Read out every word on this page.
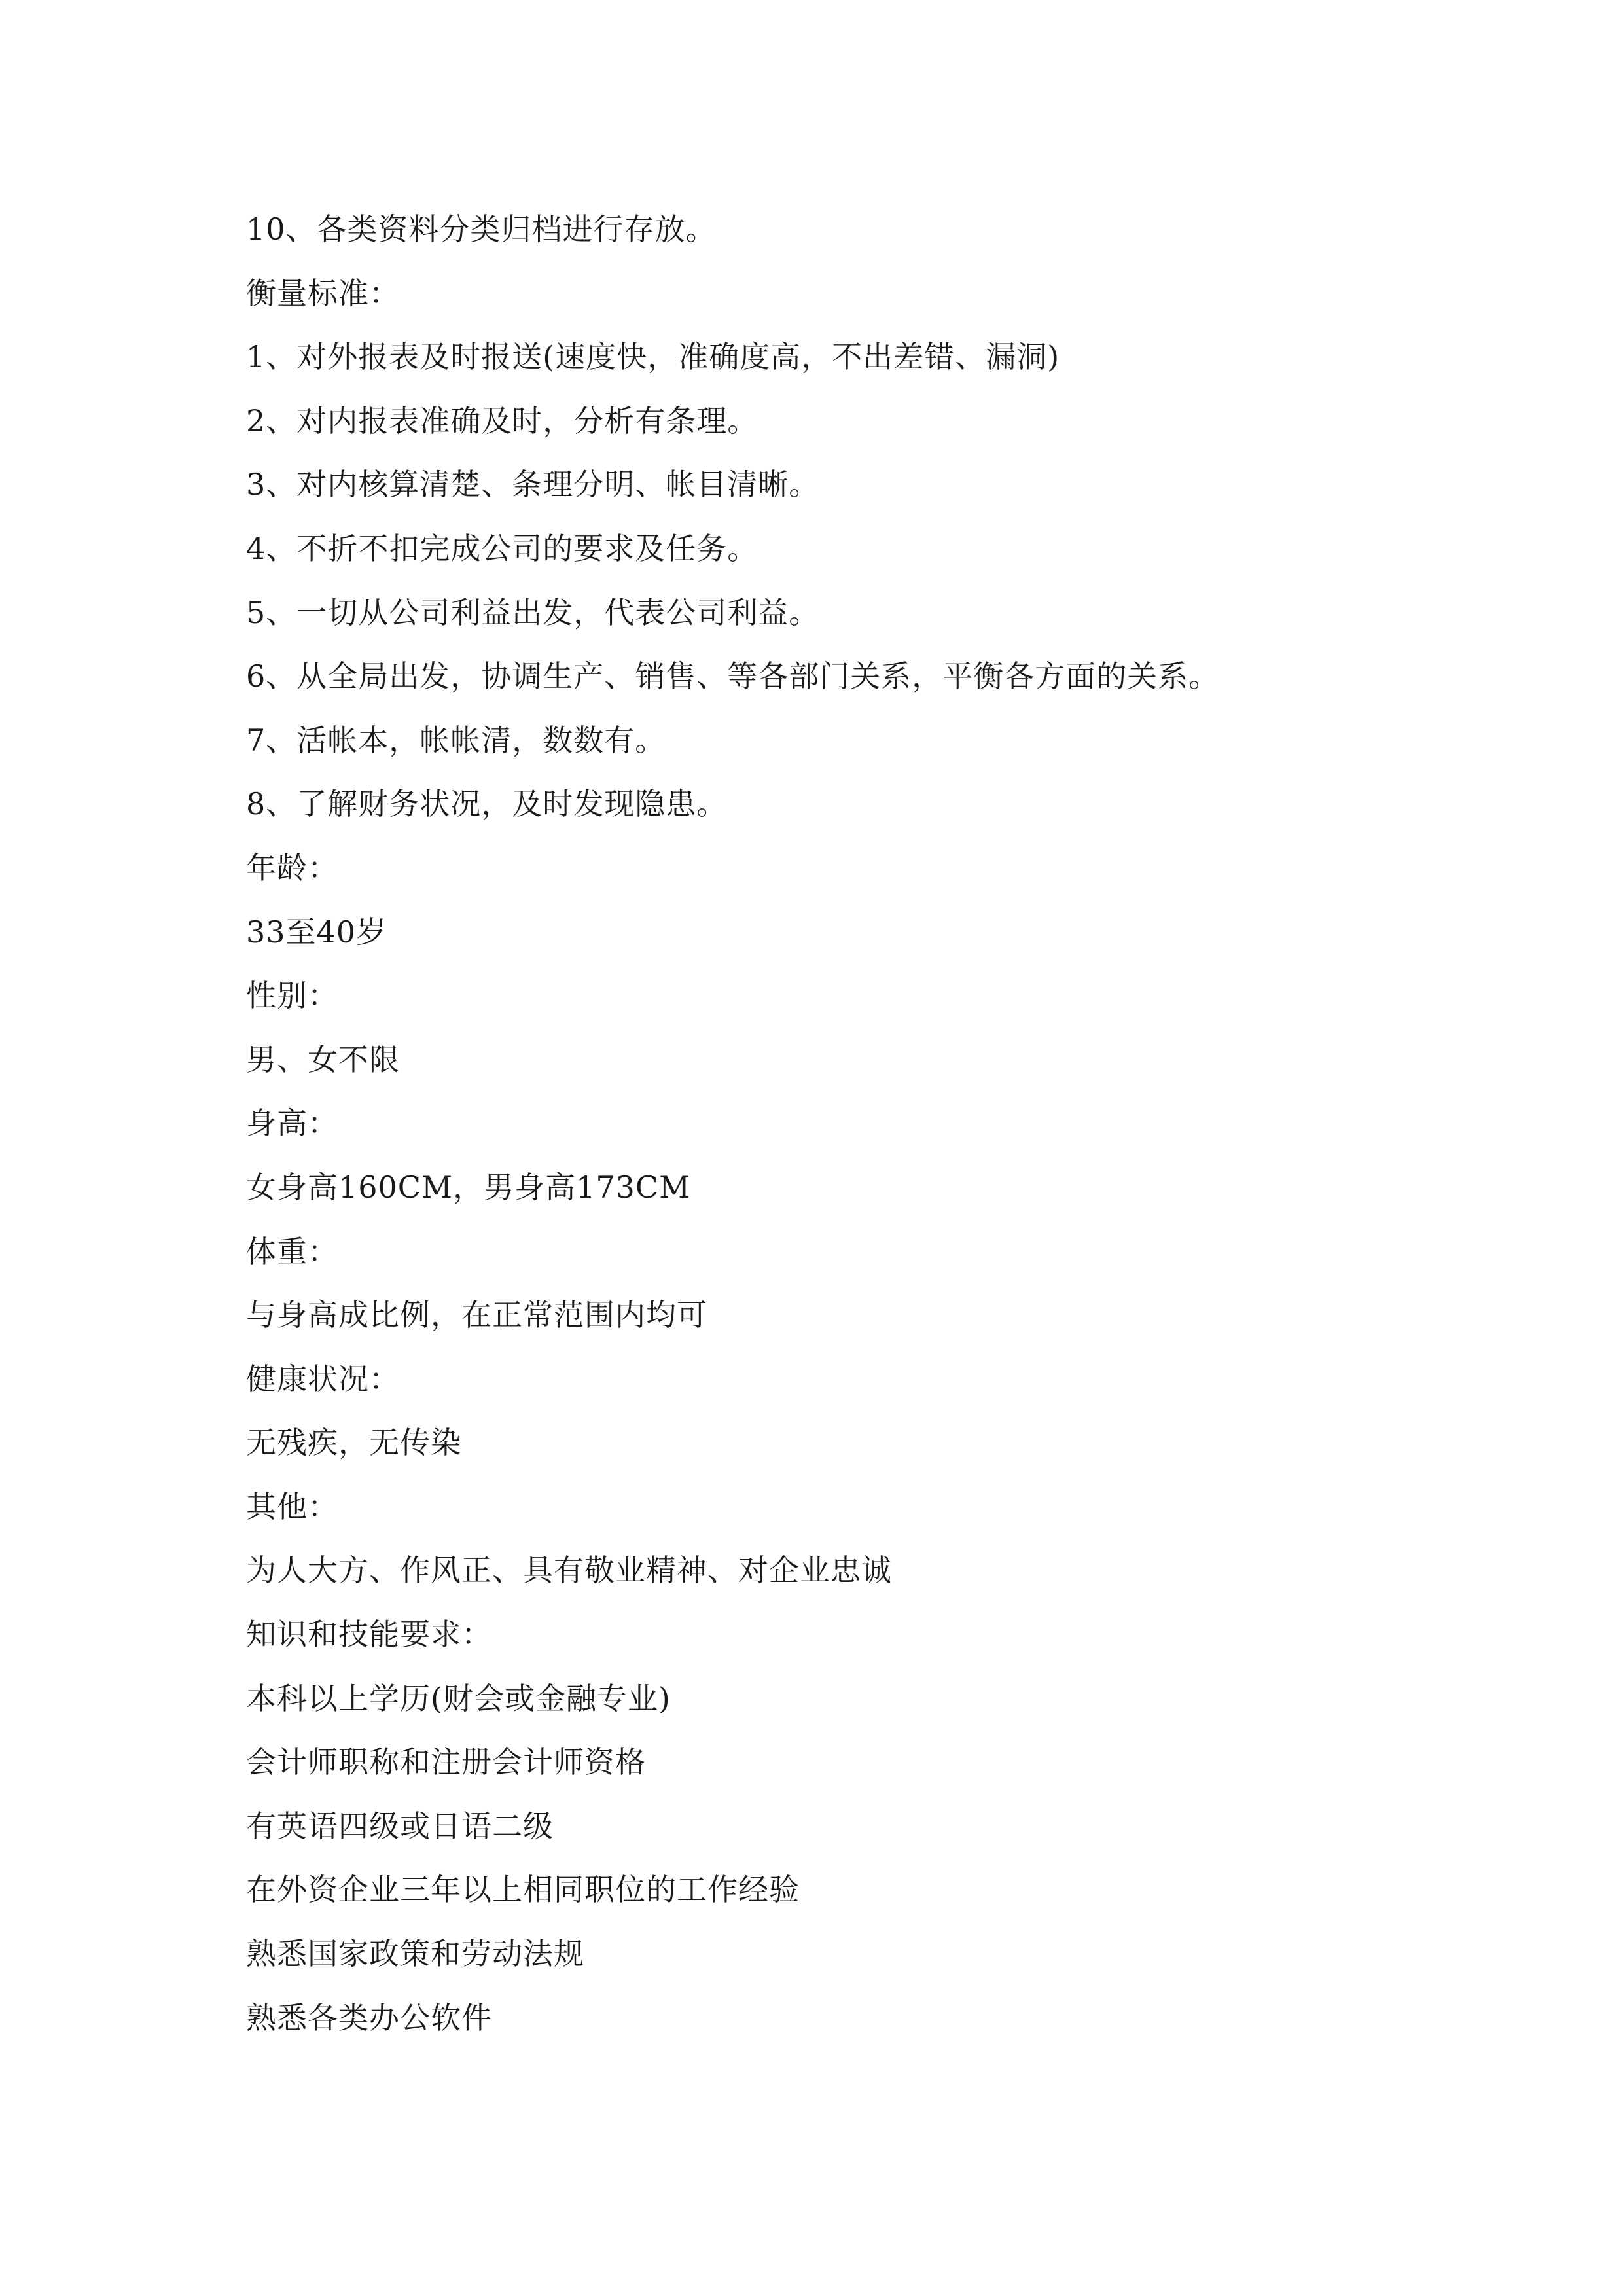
10、各类资料分类归档进行存放。
衡量标准：
1、对外报表及时报送(速度快，准确度高，不出差错、漏洞)
2、对内报表准确及时，分析有条理。
3、对内核算清楚、条理分明、帐目清晰。
4、不折不扣完成公司的要求及任务。
5、一切从公司利益出发，代表公司利益。
6、从全局出发，协调生产、销售、等各部门关系，平衡各方面的关系。
7、活帐本，帐帐清，数数有。
8、了解财务状况，及时发现隐患。
年龄：
33至40岁
性别：
男、女不限
身高：
女身高160CM，男身高173CM
体重：
与身高成比例，在正常范围内均可
健康状况：
无残疾，无传染
其他：
为人大方、作风正、具有敬业精神、对企业忠诚
知识和技能要求：
本科以上学历(财会或金融专业)
会计师职称和注册会计师资格
有英语四级或日语二级
在外资企业三年以上相同职位的工作经验
熟悉国家政策和劳动法规
熟悉各类办公软件
